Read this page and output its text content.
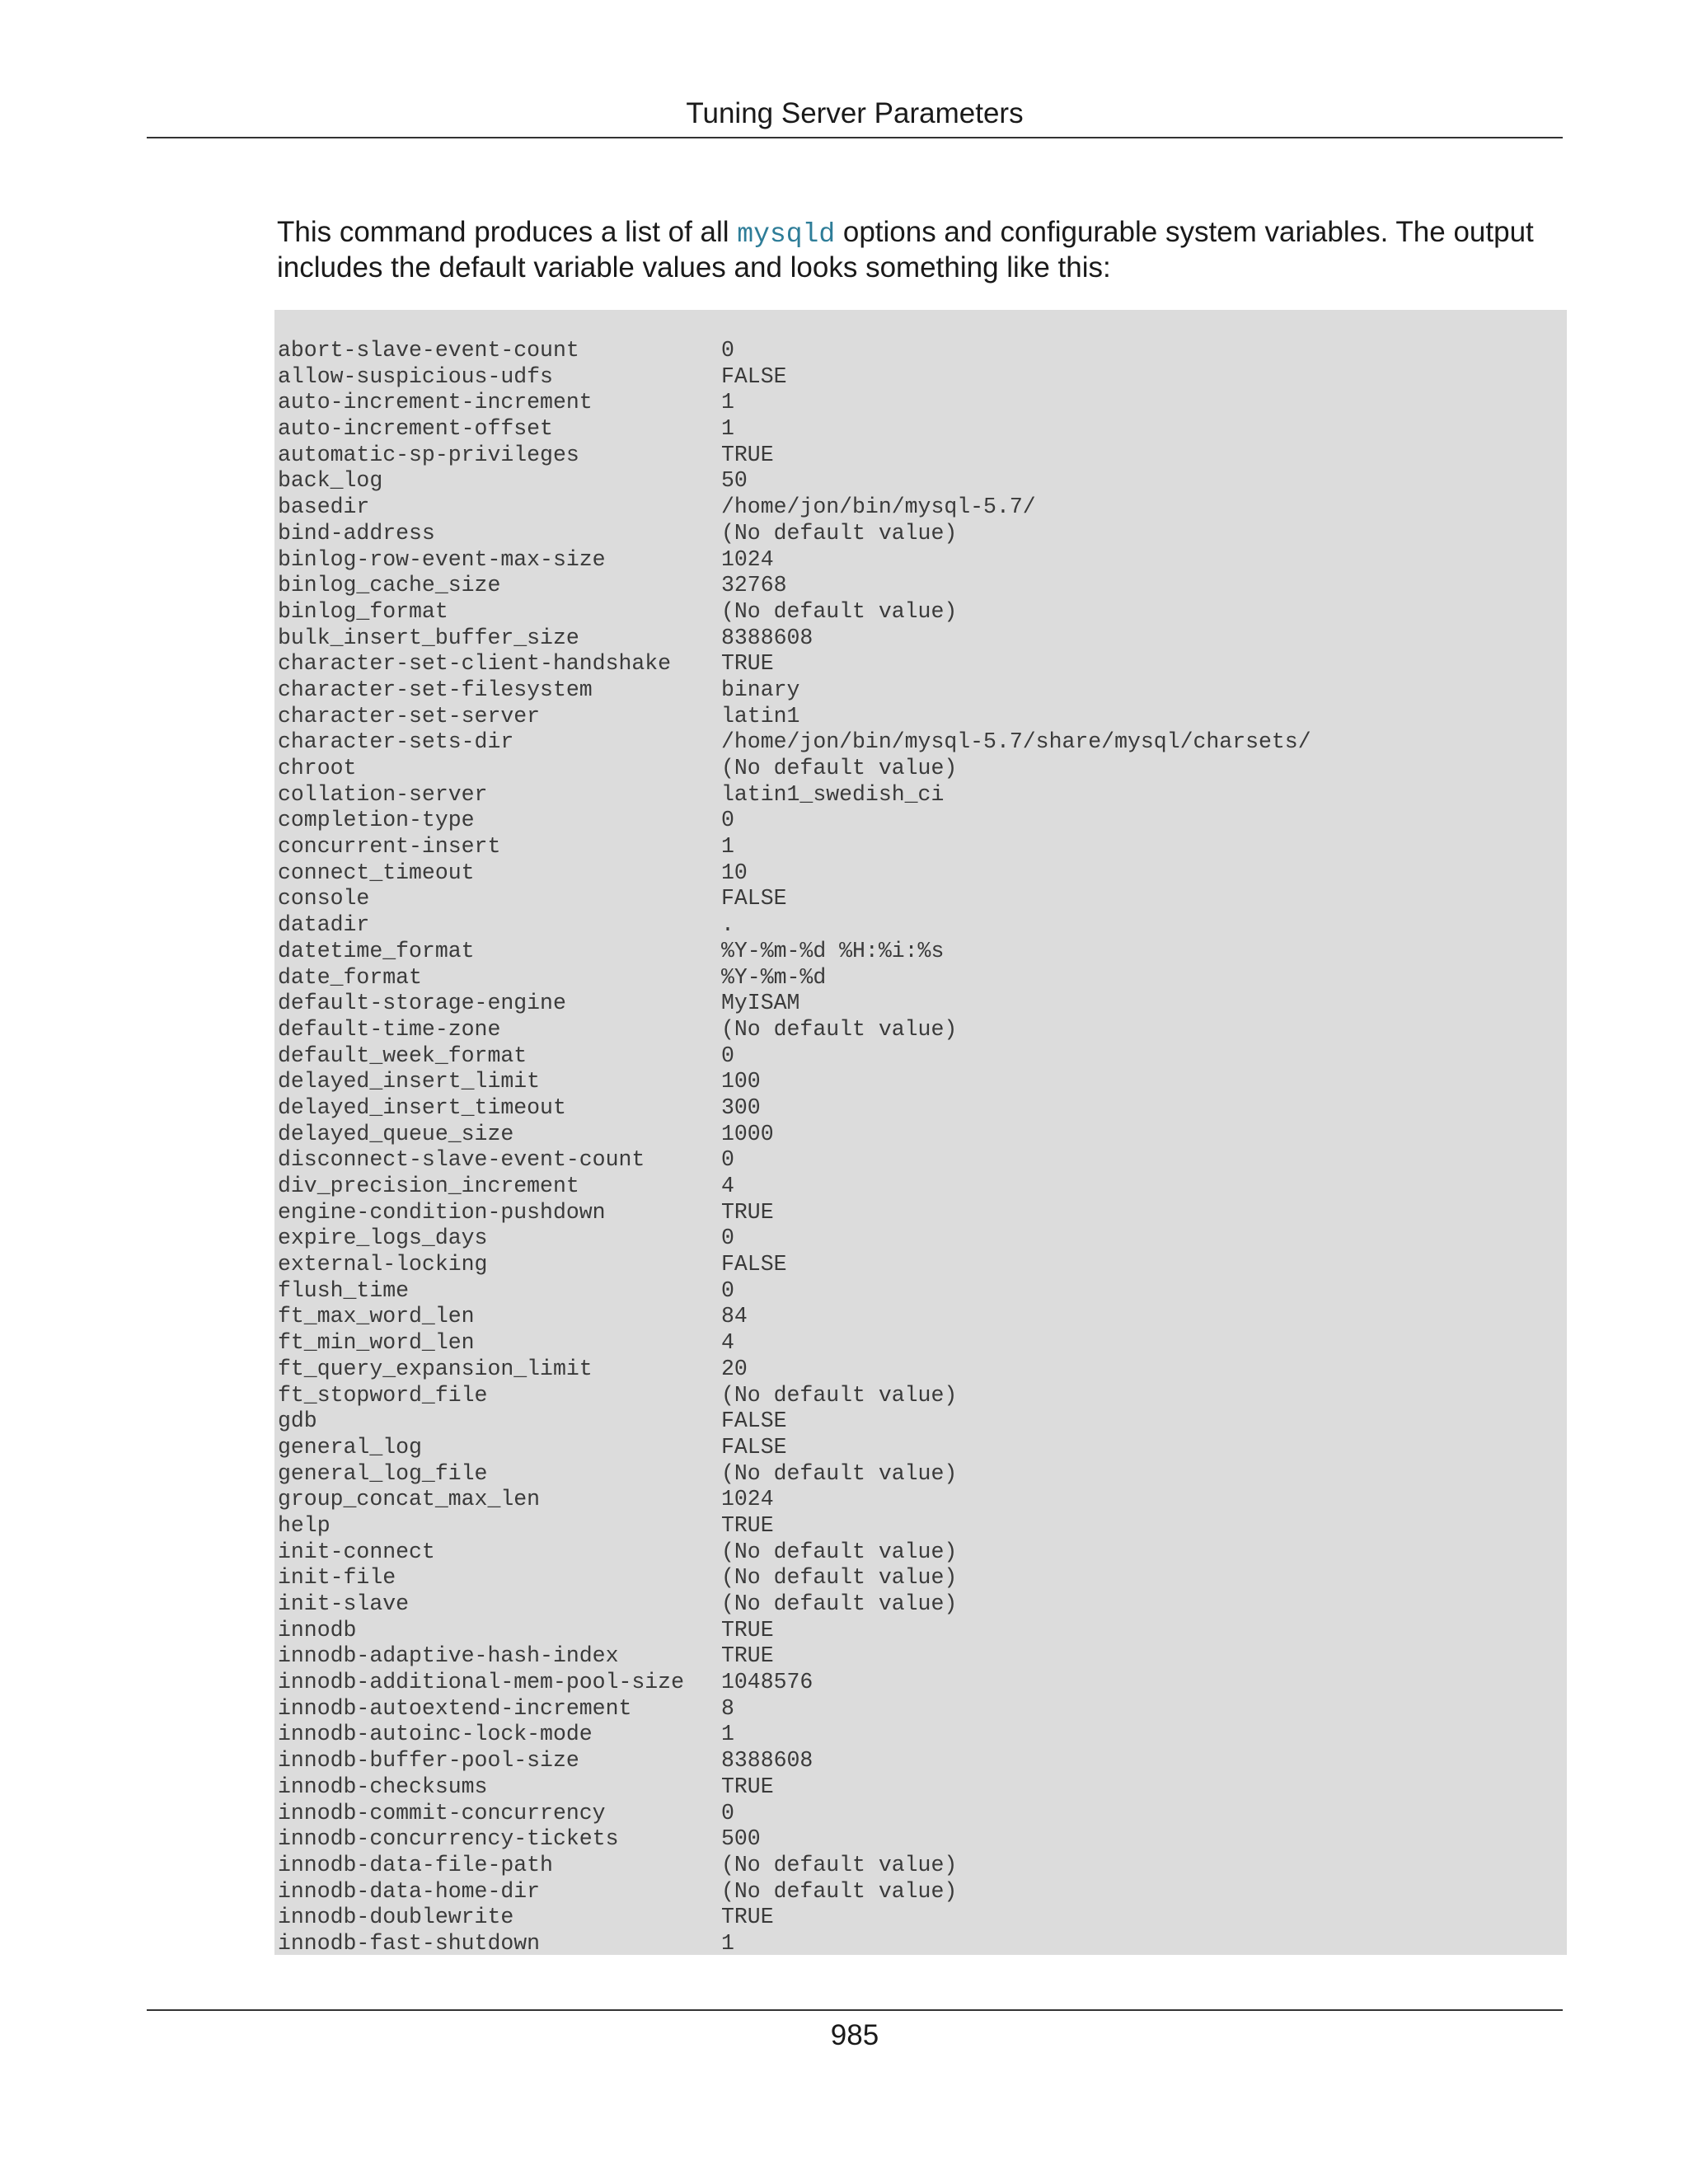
Tuning Server Parameters

This command produces a list of all mysqld options and configurable system variables. The output includes the default variable values and looks something like this:

abort-slave-event-count	0
allow-suspicious-udfs	FALSE
auto-increment-increment	1
auto-increment-offset	1
automatic-sp-privileges	TRUE
back_log	50
basedir	/home/jon/bin/mysql-5.7/
bind-address	(No default value)
binlog-row-event-max-size	1024
binlog_cache_size	32768
binlog_format	(No default value)
bulk_insert_buffer_size	8388608
character-set-client-handshake	TRUE
character-set-filesystem	binary
character-set-server	latin1
character-sets-dir	/home/jon/bin/mysql-5.7/share/mysql/charsets/
chroot	(No default value)
collation-server	latin1_swedish_ci
completion-type	0
concurrent-insert	1
connect_timeout	10
console	FALSE
datadir	.
datetime_format	%Y-%m-%d %H:%i:%s
date_format	%Y-%m-%d
default-storage-engine	MyISAM
default-time-zone	(No default value)
default_week_format	0
delayed_insert_limit	100
delayed_insert_timeout	300
delayed_queue_size	1000
disconnect-slave-event-count	0
div_precision_increment	4
engine-condition-pushdown	TRUE
expire_logs_days	0
external-locking	FALSE
flush_time	0
ft_max_word_len	84
ft_min_word_len	4
ft_query_expansion_limit	20
ft_stopword_file	(No default value)
gdb	FALSE
general_log	FALSE
general_log_file	(No default value)
group_concat_max_len	1024
help	TRUE
init-connect	(No default value)
init-file	(No default value)
init-slave	(No default value)
innodb	TRUE
innodb-adaptive-hash-index	TRUE
innodb-additional-mem-pool-size	1048576
innodb-autoextend-increment	8
innodb-autoinc-lock-mode	1
innodb-buffer-pool-size	8388608
innodb-checksums	TRUE
innodb-commit-concurrency	0
innodb-concurrency-tickets	500
innodb-data-file-path	(No default value)
innodb-data-home-dir	(No default value)
innodb-doublewrite	TRUE
innodb-fast-shutdown	1
985
